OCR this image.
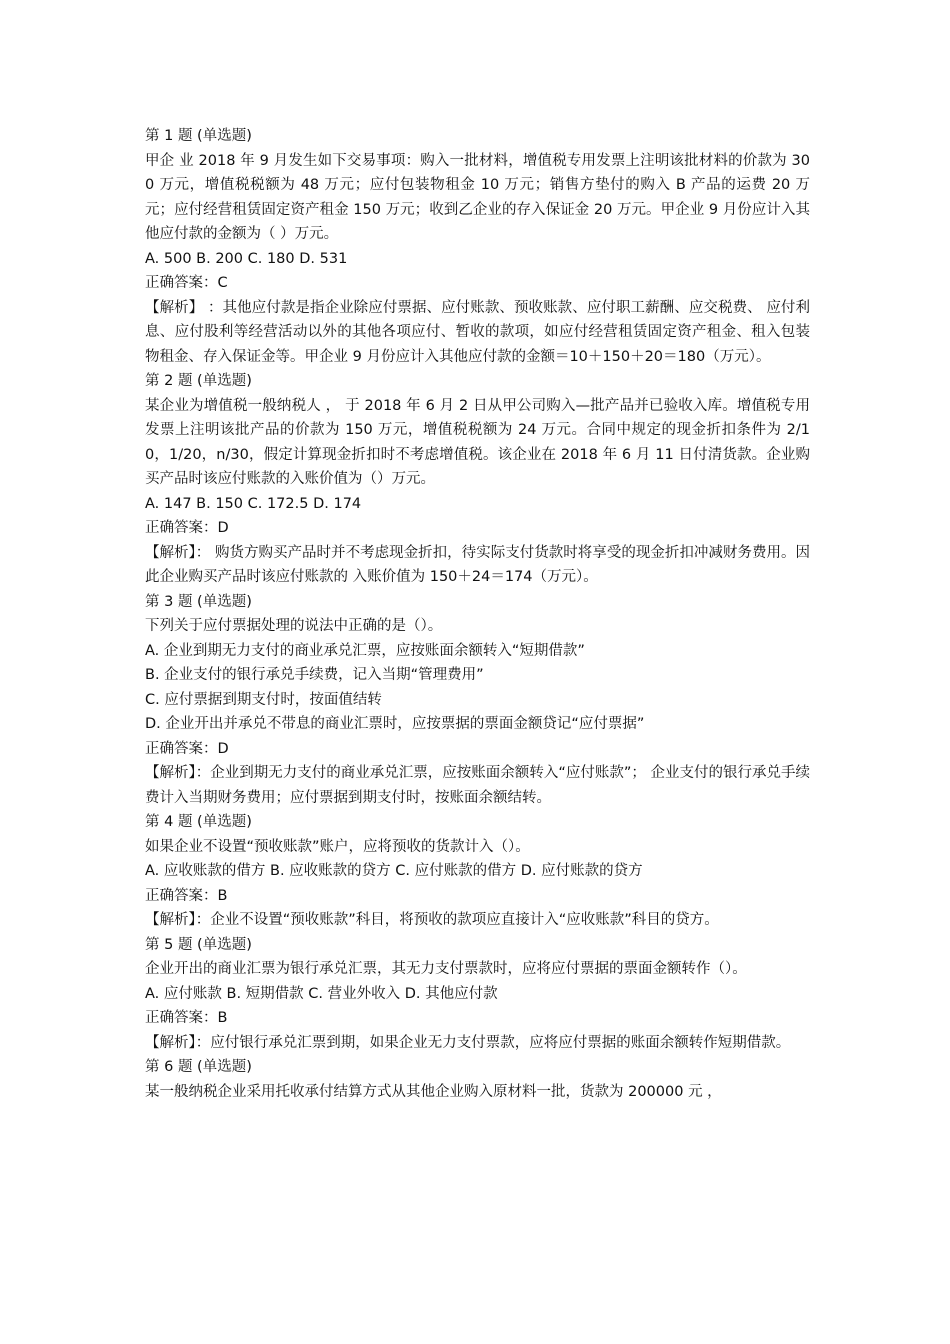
第 1 题 (单选题)
甲企 业 2018 年 9 月发生如下交易事项：购入一批材料，增值税专用发票上注明该批材料的价款为 300 万元，增值税税额为 48 万元；应付包装物租金 10 万元；销售方垫付的购入 B 产品的运费 20 万元；应付经营租赁固定资产租金 150 万元；收到乙企业的存入保证金 20 万元。甲企业 9 月份应计入其他应付款的金额为（ ）万元。
A. 500 B. 200 C. 180 D. 531
正确答案：C
【解析】 ：其他应付款是指企业除应付票据、应付账款、预收账款、应付职工薪酬、应交税费、 应付利息、应付股利等经营活动以外的其他各项应付、暂收的款项，如应付经营租赁固定资产租金、租入包装物租金、存入保证金等。甲企业 9 月份应计入其他应付款的金额＝10＋150＋20＝180（万元）。
第 2 题 (单选题)
某企业为增值税一般纳税人 ， 于 2018 年 6 月 2 日从甲公司购入—批产品并已验收入库。增值税专用发票上注明该批产品的价款为 150 万元，增值税税额为 24 万元。合同中规定的现金折扣条件为 2/10，1/20，n/30，假定计算现金折扣时不考虑增值税。该企业在 2018 年 6 月 11 日付清货款。企业购买产品时该应付账款的入账价值为（）万元。
A. 147 B. 150 C. 172.5 D. 174
正确答案：D
【解析】： 购货方购买产品时并不考虑现金折扣，待实际支付货款时将享受的现金折扣冲减财务费用。因此企业购买产品时该应付账款的 入账价值为 150＋24＝174（万元）。
第 3 题 (单选题)
下列关于应付票据处理的说法中正确的是（）。
A. 企业到期无力支付的商业承兑汇票，应按账面余额转入“短期借款”
B. 企业支付的银行承兑手续费，记入当期“管理费用”
C. 应付票据到期支付时，按面值结转
D. 企业开出并承兑不带息的商业汇票时，应按票据的票面金额贷记“应付票据”
正确答案：D
【解析】：企业到期无力支付的商业承兑汇票，应按账面余额转入“应付账款”； 企业支付的银行承兑手续费计入当期财务费用；应付票据到期支付时，按账面余额结转。
第 4 题 (单选题)
如果企业不设置“预收账款”账户，应将预收的货款计入（）。
A. 应收账款的借方 B. 应收账款的贷方 C. 应付账款的借方 D. 应付账款的贷方
正确答案：B
【解析】：企业不设置“预收账款”科目，将预收的款项应直接计入“应收账款”科目的贷方。
第 5 题 (单选题)
企业开出的商业汇票为银行承兑汇票，其无力支付票款时，应将应付票据的票面金额转作（）。
A. 应付账款 B. 短期借款 C. 营业外收入 D. 其他应付款
正确答案：B
【解析】：应付银行承兑汇票到期，如果企业无力支付票款，应将应付票据的账面余额转作短期借款。
第 6 题 (单选题)
某一般纳税企业采用托收承付结算方式从其他企业购入原材料一批，货款为 200000 元 ，
